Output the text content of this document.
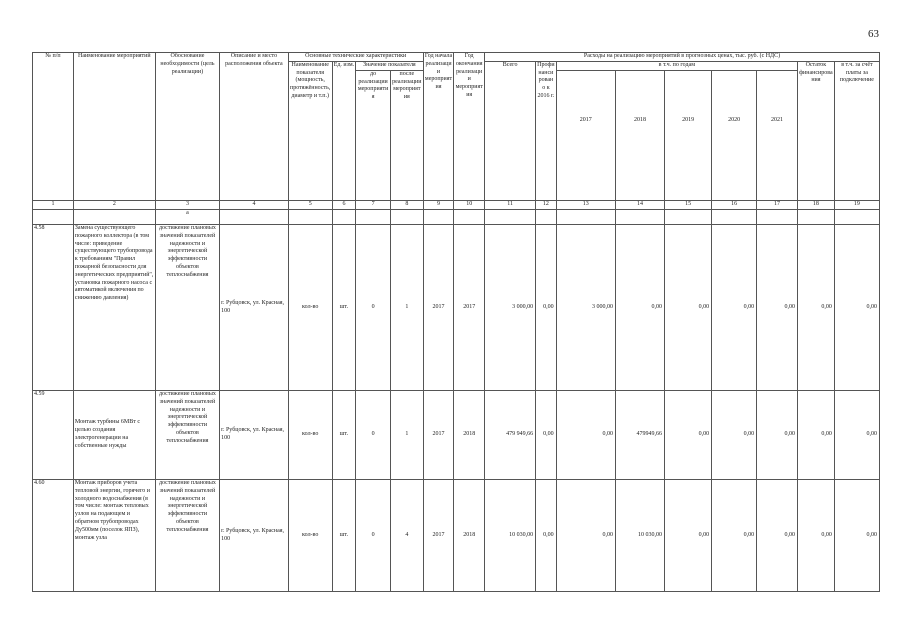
63
№ п/п	Наименование мероприятий	Обоснование необходимости (цель реализации)	Описание и место расположения объекта	Основные технические характеристики				Год начала реализации мероприятия	Год окончания реализации мероприятия	Расходы на реализацию мероприятий в прогнозных ценах, тыс. руб. (с НДС)								
				Наименование показателя (мощность, протяжённость, диаметр и т.п.)	Ед. изм.	Значение показателя				Всего	Профинансировано к 2016 г.	в т.ч. по годам					Остаток финансирования	в т.ч. за счёт платы за подключение
						до реализации мероприятия	после реализации мероприятия					2017	2018	2019	2020	2021		

1	2	3	4	5	6	7	8	9	10	11	12	13	14	15	16	17	18	19
		а																
4.58	Замена существующего пожарного коллектора (в том числе: приведение существующего трубопровода к требованиям "Правил пожарной безопасности для энергетических предприятий", установка пожарного насоса с автоматикой включения по снижению давления)	достижение плановых значений показателей надежности и энергетической эффективности объектов теплоснабжения	г. Рубцовск, ул. Красная, 100	кол-во	шт.	0	1	2017	2017	3 000,00	0,00	3 000,00	0,00	0,00	0,00	0,00	0,00	0,00
4.59	Монтаж турбины 6МВт с целью создания электрогенерации на собственные нужды	достижение плановых значений показателей надежности и энергетической эффективности объектов теплоснабжения	г. Рубцовск, ул. Красная, 100	кол-во	шт.	0	1	2017	2018	479 949,66	0,00	0,00	479949,66	0,00	0,00	0,00	0,00	0,00
4.60	Монтаж приборов учета тепловой энергии, горячего и холодного водоснабжения (в том числе: монтаж тепловых узлов на подающем и обратном трубопроводах Ду500мм (поселок ЯПЗ), монтаж узла	достижение плановых значений показателей надежности и энергетической эффективности объектов теплоснабжения	г. Рубцовск, ул. Красная, 100	кол-во	шт.	0	4	2017	2018	10 030,00	0,00	0,00	10 030,00	0,00	0,00	0,00	0,00	0,00
